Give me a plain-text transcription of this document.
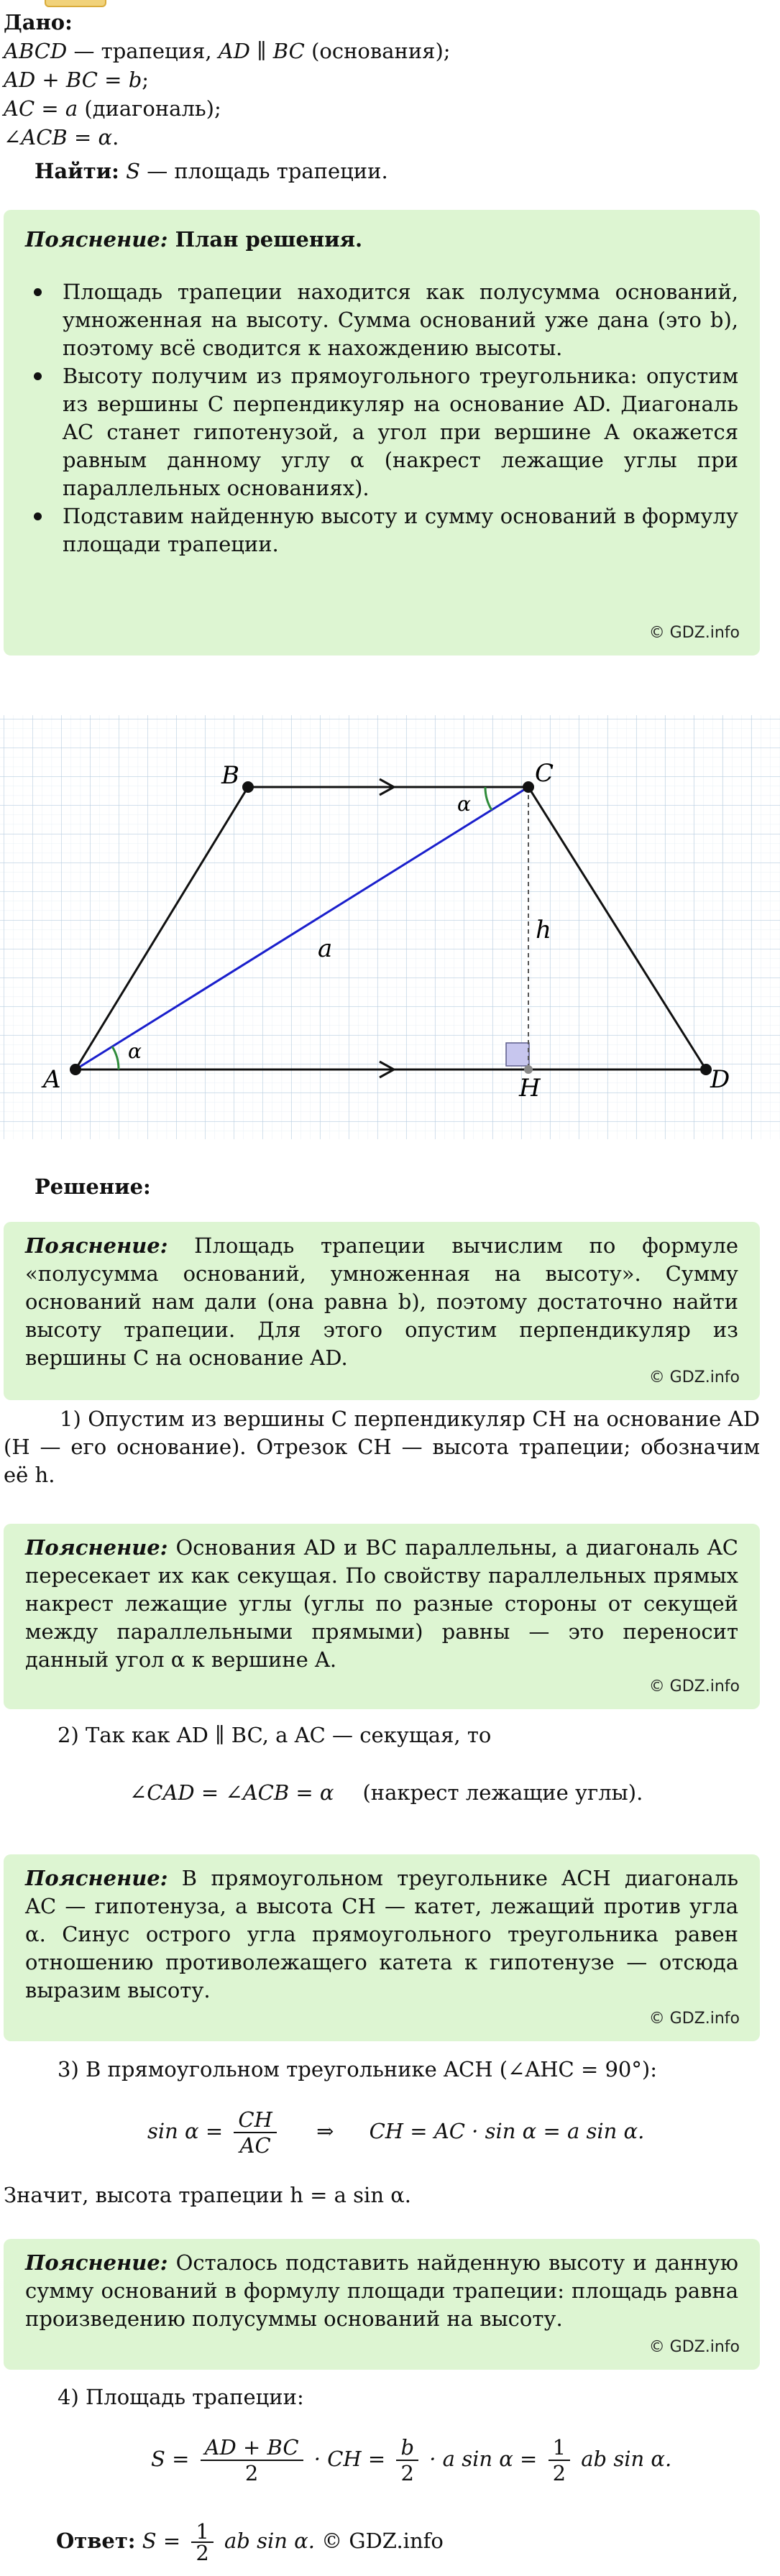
Дано:
ABCD — трапеция, AD ∥ BC (основания);
AD + BC = b;
AC = a (диагональ);
∠ACB = α.
Найти: S — площадь трапеции.

Пояснение: План решения.

Площадь трапеции находится как полусумма оснований, умноженная на высоту. Сумма оснований уже дана (это b), поэтому всё сводится к нахождению высоты.

Высоту получим из прямоугольного треугольника: опустим из вершины C перпендикуляр на основание AD. Диагональ AC станет гипотенузой, а угол при вершине A окажется равным данному углу α (накрест лежащие углы при параллельных основаниях).

Подставим найденную высоту и сумму оснований в формулу площади трапеции.

© GDZ.info
A
B	C
D
H
a
h
α
α
Решение:

Пояснение: Площадь трапеции вычислим по формуле «полусумма оснований, умноженная на высоту». Сумму оснований нам дали (она равна b), поэтому достаточно найти высоту трапеции. Для этого опустим перпендикуляр из вершины C на основание AD.

© GDZ.info
1) Опустим из вершины C перпендикуляр CH на основание AD (H — его основание). Отрезок CH — высота трапеции; обозначим её h.

Пояснение: Основания AD и BC параллельны, а диагональ AC пересекает их как секущая. По свойству параллельных прямых накрест лежащие углы (углы по разные стороны от секущей между параллельными прямыми) равны — это переносит данный угол α к вершине A.

© GDZ.info
2) Так как AD ∥ BC, а AC — секущая, то
∠CAD = ∠ACB = α (накрест лежащие углы).

Пояснение: В прямоугольном треугольнике ACH диагональ AC — гипотенуза, а высота CH — катет, лежащий против угла α. Синус острого угла прямоугольного треугольника равен отношению противолежащего катета к гипотенузе — отсюда выразим высоту.

© GDZ.info
3) В прямоугольном треугольнике ACH (∠AHC = 90°):
$\sin \alpha = \frac{CH}{AC}$ ⇒ CH = AC · sin α = a sin α.
Значит, высота трапеции h = a sin α.

Пояснение: Осталось подставить найденную высоту и данную сумму оснований в формулу площади трапеции: площадь равна произведению полусуммы оснований на высоту.

© GDZ.info
4) Площадь трапеции:
$S = \frac{AD + BC}{2}$ · CH = $\frac{b}{2} \cdot a$ $\sin \alpha = \frac{1}{2}$ ab sin α.
Ответ: $S = \frac{1}{2}$ ab sin α. © GDZ.info
